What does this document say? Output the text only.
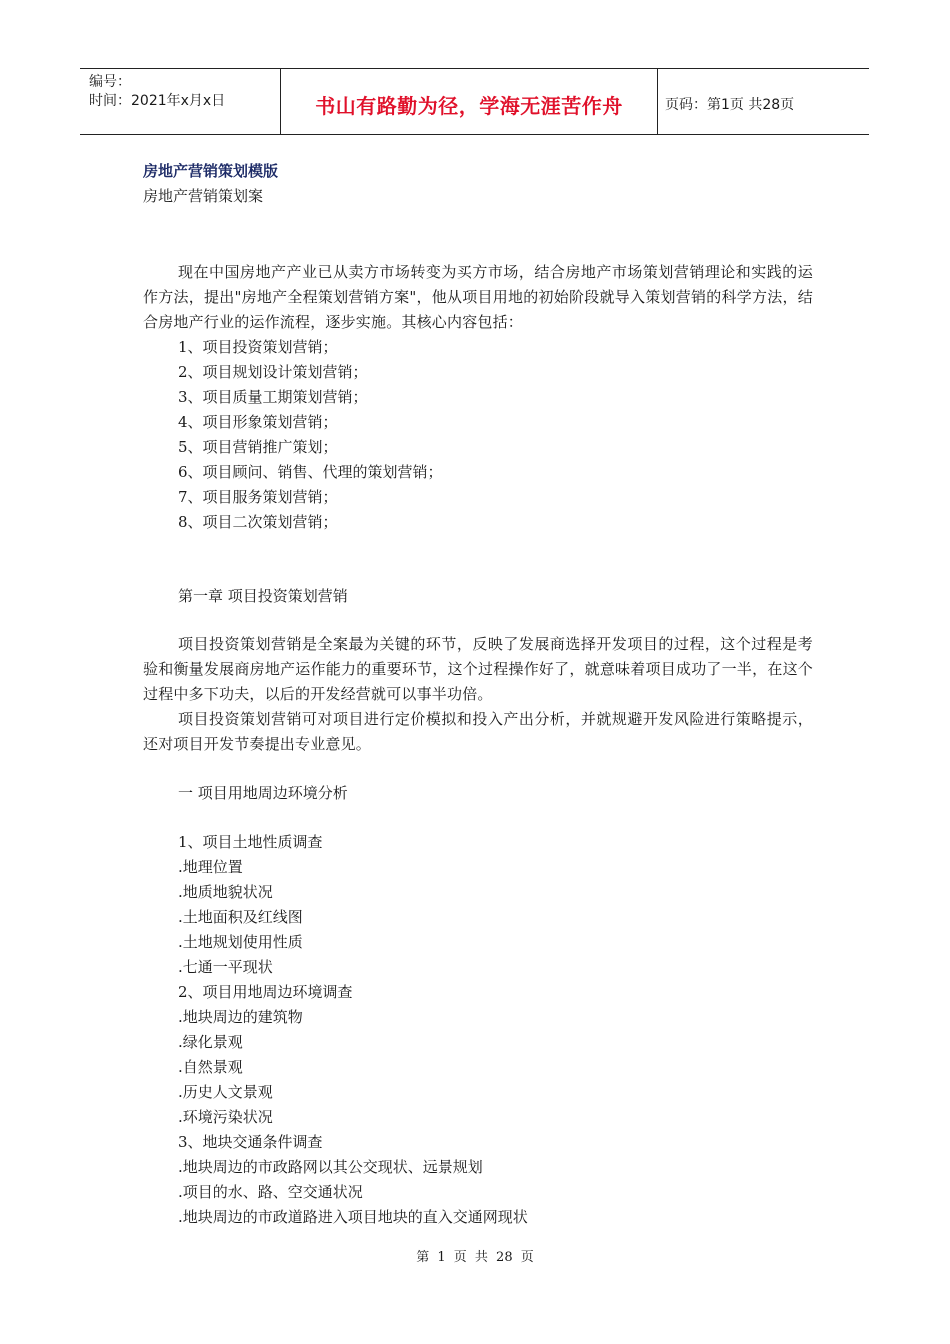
编号：
时间：2021年x月x日	书山有路勤为径，学海无涯苦作舟	页码：第1页 共28页
房地产营销策划模版
房地产营销策划案
现在中国房地产产业已从卖方市场转变为买方市场，结合房地产市场策划营销理论和实践的运作方法，提出"房地产全程策划营销方案"，他从项目用地的初始阶段就导入策划营销的科学方法，结合房地产行业的运作流程，逐步实施。其核心内容包括：
1、项目投资策划营销；
2、项目规划设计策划营销；
3、项目质量工期策划营销；
4、项目形象策划营销；
5、项目营销推广策划；
6、项目顾问、销售、代理的策划营销；
7、项目服务策划营销；
8、项目二次策划营销；
第一章 项目投资策划营销
项目投资策划营销是全案最为关键的环节，反映了发展商选择开发项目的过程，这个过程是考验和衡量发展商房地产运作能力的重要环节，这个过程操作好了，就意味着项目成功了一半，在这个过程中多下功夫，以后的开发经营就可以事半功倍。
项目投资策划营销可对项目进行定价模拟和投入产出分析，并就规避开发风险进行策略提示，还对项目开发节奏提出专业意见。
一 项目用地周边环境分析
1、项目土地性质调查
.地理位置
.地质地貌状况
.土地面积及红线图
.土地规划使用性质
.七通一平现状
2、项目用地周边环境调查
.地块周边的建筑物
.绿化景观
.自然景观
.历史人文景观
.环境污染状况
3、地块交通条件调查
.地块周边的市政路网以其公交现状、远景规划
.项目的水、路、空交通状况
.地块周边的市政道路进入项目地块的直入交通网现状
第 1 页 共 28 页
